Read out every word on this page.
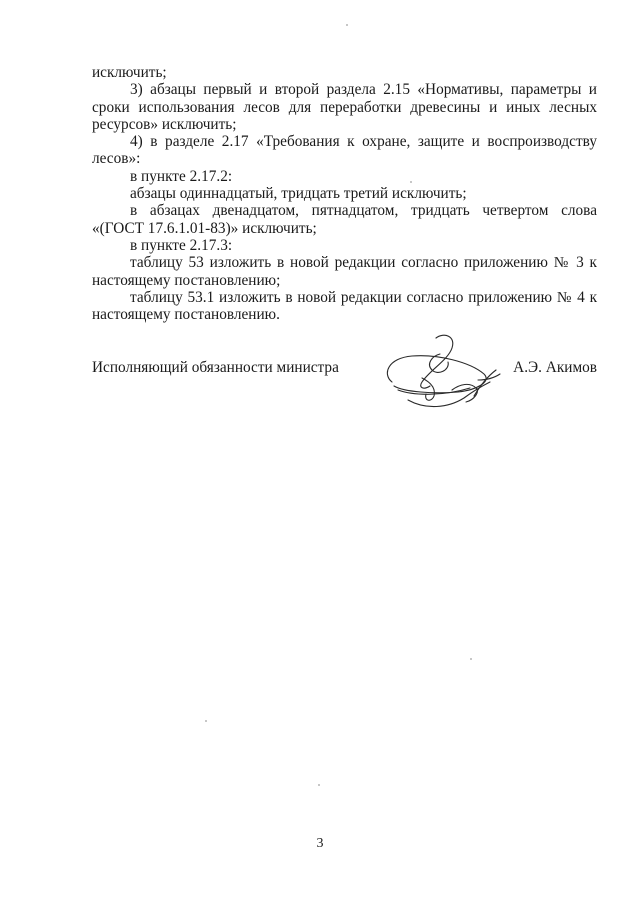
исключить;

3) абзацы первый и второй раздела 2.15 «Нормативы, параметры и сроки использования лесов для переработки древесины и иных лесных ресурсов» исключить;

4) в разделе 2.17 «Требования к охране, защите и воспроизводству лесов»:

в пункте 2.17.2:

абзацы одиннадцатый, тридцать третий исключить;

в абзацах двенадцатом, пятнадцатом, тридцать четвертом слова «(ГОСТ 17.6.1.01-83)» исключить;

в пункте 2.17.3:

таблицу 53 изложить в новой редакции согласно приложению № 3 к настоящему постановлению;

таблицу 53.1 изложить в новой редакции согласно приложению № 4 к настоящему постановлению.

Исполняющий обязанности министра	А.Э. Акимов
3
